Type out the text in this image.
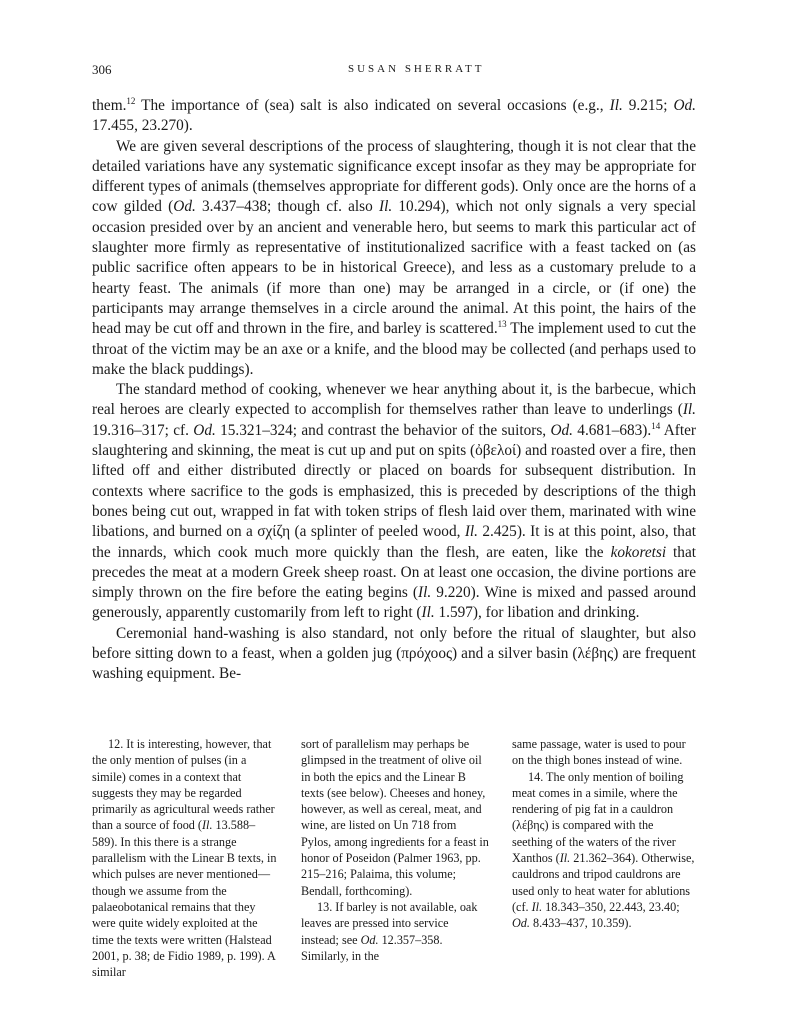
306	SUSAN SHERRATT

them.$^{12}$ The importance of (sea) salt is also indicated on several occasions (e.g., Il. 9.215; Od. 17.455, 23.270).

We are given several descriptions of the process of slaughtering, though it is not clear that the detailed variations have any systematic significance except insofar as they may be appropriate for different types of animals (themselves appropriate for different gods). Only once are the horns of a cow gilded (Od. 3.437–438; though cf. also Il. 10.294), which not only signals a very special occasion presided over by an ancient and venerable hero, but seems to mark this particular act of slaughter more firmly as representative of institutionalized sacrifice with a feast tacked on (as public sacrifice often appears to be in historical Greece), and less as a customary prelude to a hearty feast. The animals (if more than one) may be arranged in a circle, or (if one) the participants may arrange themselves in a circle around the animal. At this point, the hairs of the head may be cut off and thrown in the fire, and barley is scattered.$^{13}$ The implement used to cut the throat of the victim may be an axe or a knife, and the blood may be collected (and perhaps used to make the black puddings).

The standard method of cooking, whenever we hear anything about it, is the barbecue, which real heroes are clearly expected to accomplish for themselves rather than leave to underlings (Il. 19.316–317; cf. Od. 15.321–324; and contrast the behavior of the suitors, Od. 4.681–683).$^{14}$ After slaughtering and skinning, the meat is cut up and put on spits (ὀβελοί) and roasted over a fire, then lifted off and either distributed directly or placed on boards for subsequent distribution. In contexts where sacrifice to the gods is emphasized, this is preceded by descriptions of the thigh bones being cut out, wrapped in fat with token strips of flesh laid over them, marinated with wine libations, and burned on a σχίζη (a splinter of peeled wood, Il. 2.425). It is at this point, also, that the innards, which cook much more quickly than the flesh, are eaten, like the kokoretsi that precedes the meat at a modern Greek sheep roast. On at least one occasion, the divine portions are simply thrown on the fire before the eating begins (Il. 9.220). Wine is mixed and passed around generously, apparently customarily from left to right (Il. 1.597), for libation and drinking.

Ceremonial hand-washing is also standard, not only before the ritual of slaughter, but also before sitting down to a feast, when a golden jug (πρόχοος) and a silver basin (λέβης) are frequent washing equipment. Be-

12. It is interesting, however, that the only mention of pulses (in a simile) comes in a context that suggests they may be regarded primarily as agricultural weeds rather than a source of food (Il. 13.588–589). In this there is a strange parallelism with the Linear B texts, in which pulses are never mentioned—though we assume from the palaeobotanical remains that they were quite widely exploited at the time the texts were written (Halstead 2001, p. 38; de Fidio 1989, p. 199). A similar

sort of parallelism may perhaps be glimpsed in the treatment of olive oil in both the epics and the Linear B texts (see below). Cheeses and honey, however, as well as cereal, meat, and wine, are listed on Un 718 from Pylos, among ingredients for a feast in honor of Poseidon (Palmer 1963, pp. 215–216; Palaima, this volume; Bendall, forthcoming).

13. If barley is not available, oak leaves are pressed into service instead; see Od. 12.357–358. Similarly, in the

same passage, water is used to pour on the thigh bones instead of wine.

14. The only mention of boiling meat comes in a simile, where the rendering of pig fat in a cauldron (λέβης) is compared with the seething of the waters of the river Xanthos (Il. 21.362–364). Otherwise, cauldrons and tripod cauldrons are used only to heat water for ablutions (cf. Il. 18.343–350, 22.443, 23.40; Od. 8.433–437, 10.359).
